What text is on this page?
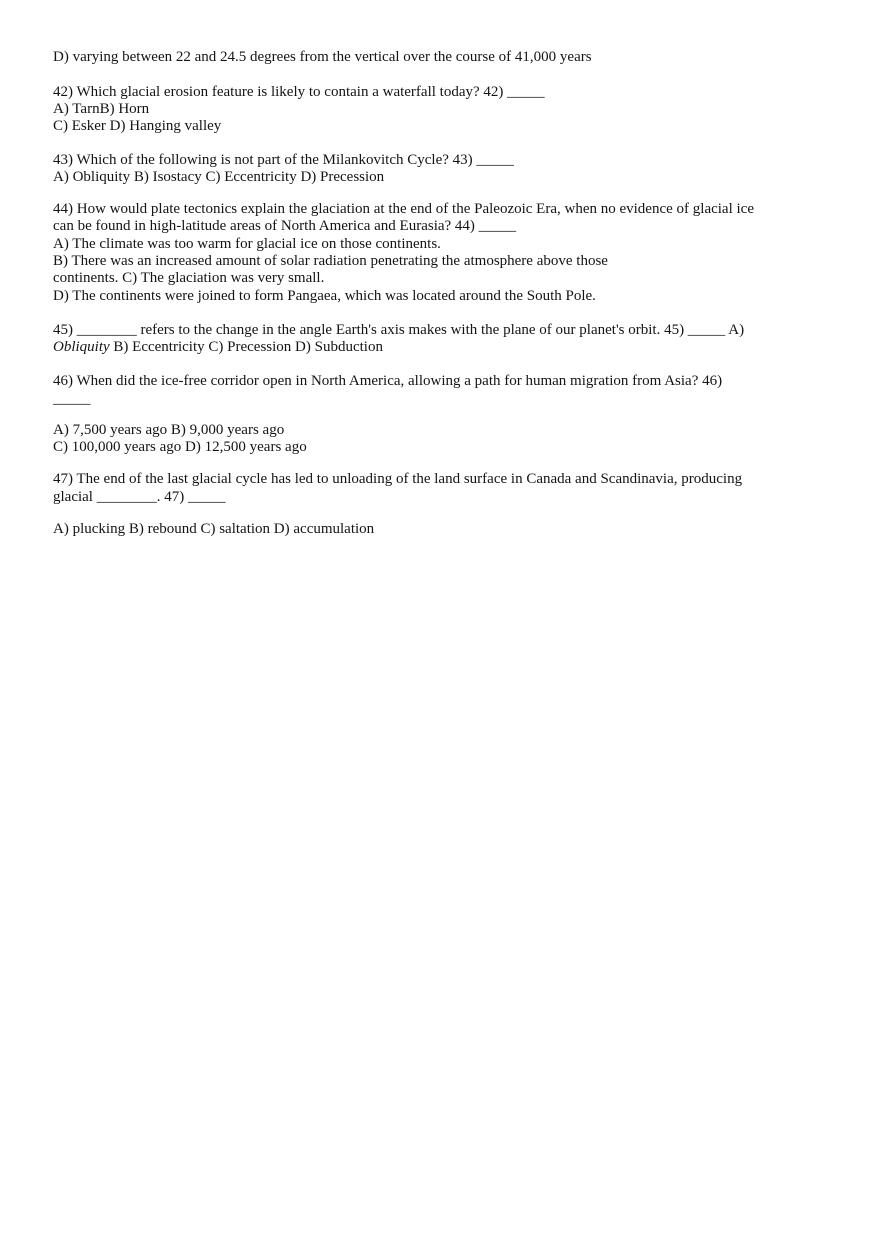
D) varying between 22 and 24.5 degrees from the vertical over the course of 41,000 years
42) Which glacial erosion feature is likely to contain a waterfall today? 42) _____
A) TarnB) Horn
C) Esker D) Hanging valley
43) Which of the following is not part of the Milankovitch Cycle? 43) _____
A) Obliquity B) Isostacy C) Eccentricity D) Precession
44) How would plate tectonics explain the glaciation at the end of the Paleozoic Era, when no evidence of glacial ice
can be found in high-latitude areas of North America and Eurasia? 44) _____
A) The climate was too warm for glacial ice on those continents.
B) There was an increased amount of solar radiation penetrating the atmosphere above those
continents. C) The glaciation was very small.
D) The continents were joined to form Pangaea, which was located around the South Pole.
45) ________ refers to the change in the angle Earth's axis makes with the plane of our planet's orbit. 45) _____ A)
Obliquity B) Eccentricity C) Precession D) Subduction
46) When did the ice-free corridor open in North America, allowing a path for human migration from Asia? 46)
_____
A) 7,500 years ago B) 9,000 years ago
C) 100,000 years ago D) 12,500 years ago
47) The end of the last glacial cycle has led to unloading of the land surface in Canada and Scandinavia, producing
glacial ________. 47) _____
A) plucking B) rebound C) saltation D) accumulation
